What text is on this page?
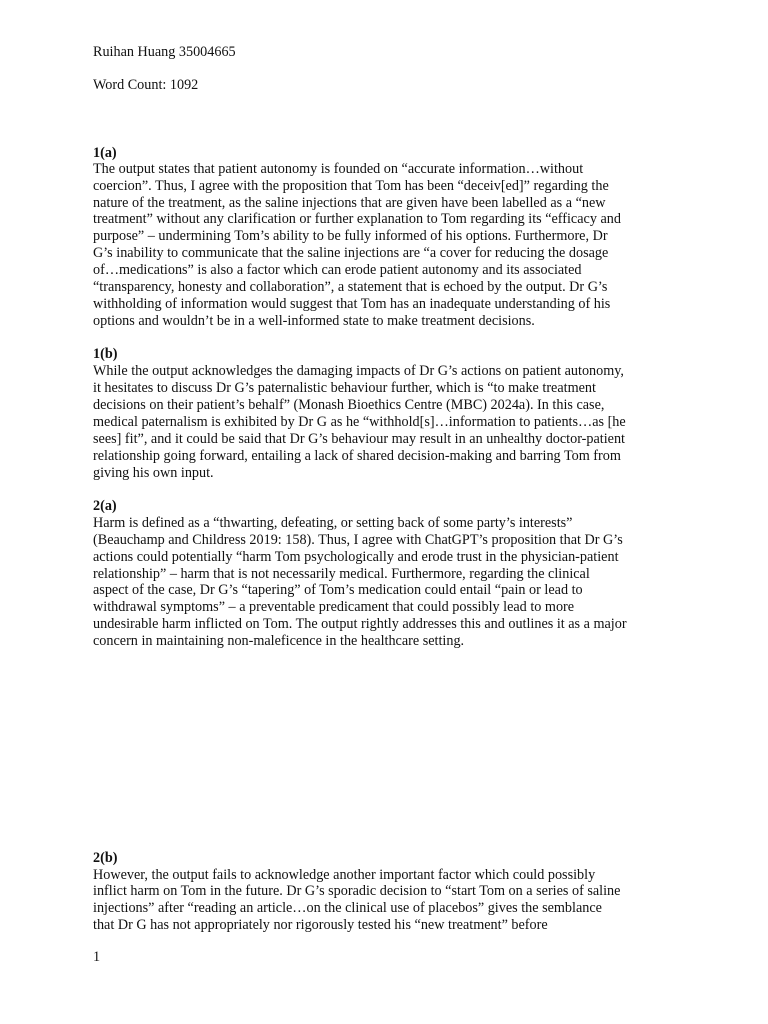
Ruihan Huang 35004665
Word Count: 1092
1(a)
The output states that patient autonomy is founded on “accurate information…without
coercion”. Thus, I agree with the proposition that Tom has been “deceiv[ed]” regarding the
nature of the treatment, as the saline injections that are given have been labelled as a “new
treatment” without any clarification or further explanation to Tom regarding its “efficacy and
purpose” – undermining Tom’s ability to be fully informed of his options. Furthermore, Dr
G’s inability to communicate that the saline injections are “a cover for reducing the dosage
of…medications” is also a factor which can erode patient autonomy and its associated
“transparency, honesty and collaboration”, a statement that is echoed by the output. Dr G’s
withholding of information would suggest that Tom has an inadequate understanding of his
options and wouldn’t be in a well-informed state to make treatment decisions.
1(b)
While the output acknowledges the damaging impacts of Dr G’s actions on patient autonomy,
it hesitates to discuss Dr G’s paternalistic behaviour further, which is “to make treatment
decisions on their patient’s behalf” (Monash Bioethics Centre (MBC) 2024a). In this case,
medical paternalism is exhibited by Dr G as he “withhold[s]…information to patients…as [he
sees] fit”, and it could be said that Dr G’s behaviour may result in an unhealthy doctor-patient
relationship going forward, entailing a lack of shared decision-making and barring Tom from
giving his own input.
2(a)
Harm is defined as a “thwarting, defeating, or setting back of some party’s interests”
(Beauchamp and Childress 2019: 158). Thus, I agree with ChatGPT’s proposition that Dr G’s
actions could potentially “harm Tom psychologically and erode trust in the physician-patient
relationship” – harm that is not necessarily medical. Furthermore, regarding the clinical
aspect of the case, Dr G’s “tapering” of Tom’s medication could entail “pain or lead to
withdrawal symptoms” – a preventable predicament that could possibly lead to more
undesirable harm inflicted on Tom. The output rightly addresses this and outlines it as a major
concern in maintaining non-maleficence in the healthcare setting.
2(b)
However, the output fails to acknowledge another important factor which could possibly
inflict harm on Tom in the future. Dr G’s sporadic decision to “start Tom on a series of saline
injections” after “reading an article…on the clinical use of placebos” gives the semblance
that Dr G has not appropriately nor rigorously tested his “new treatment” before
1
